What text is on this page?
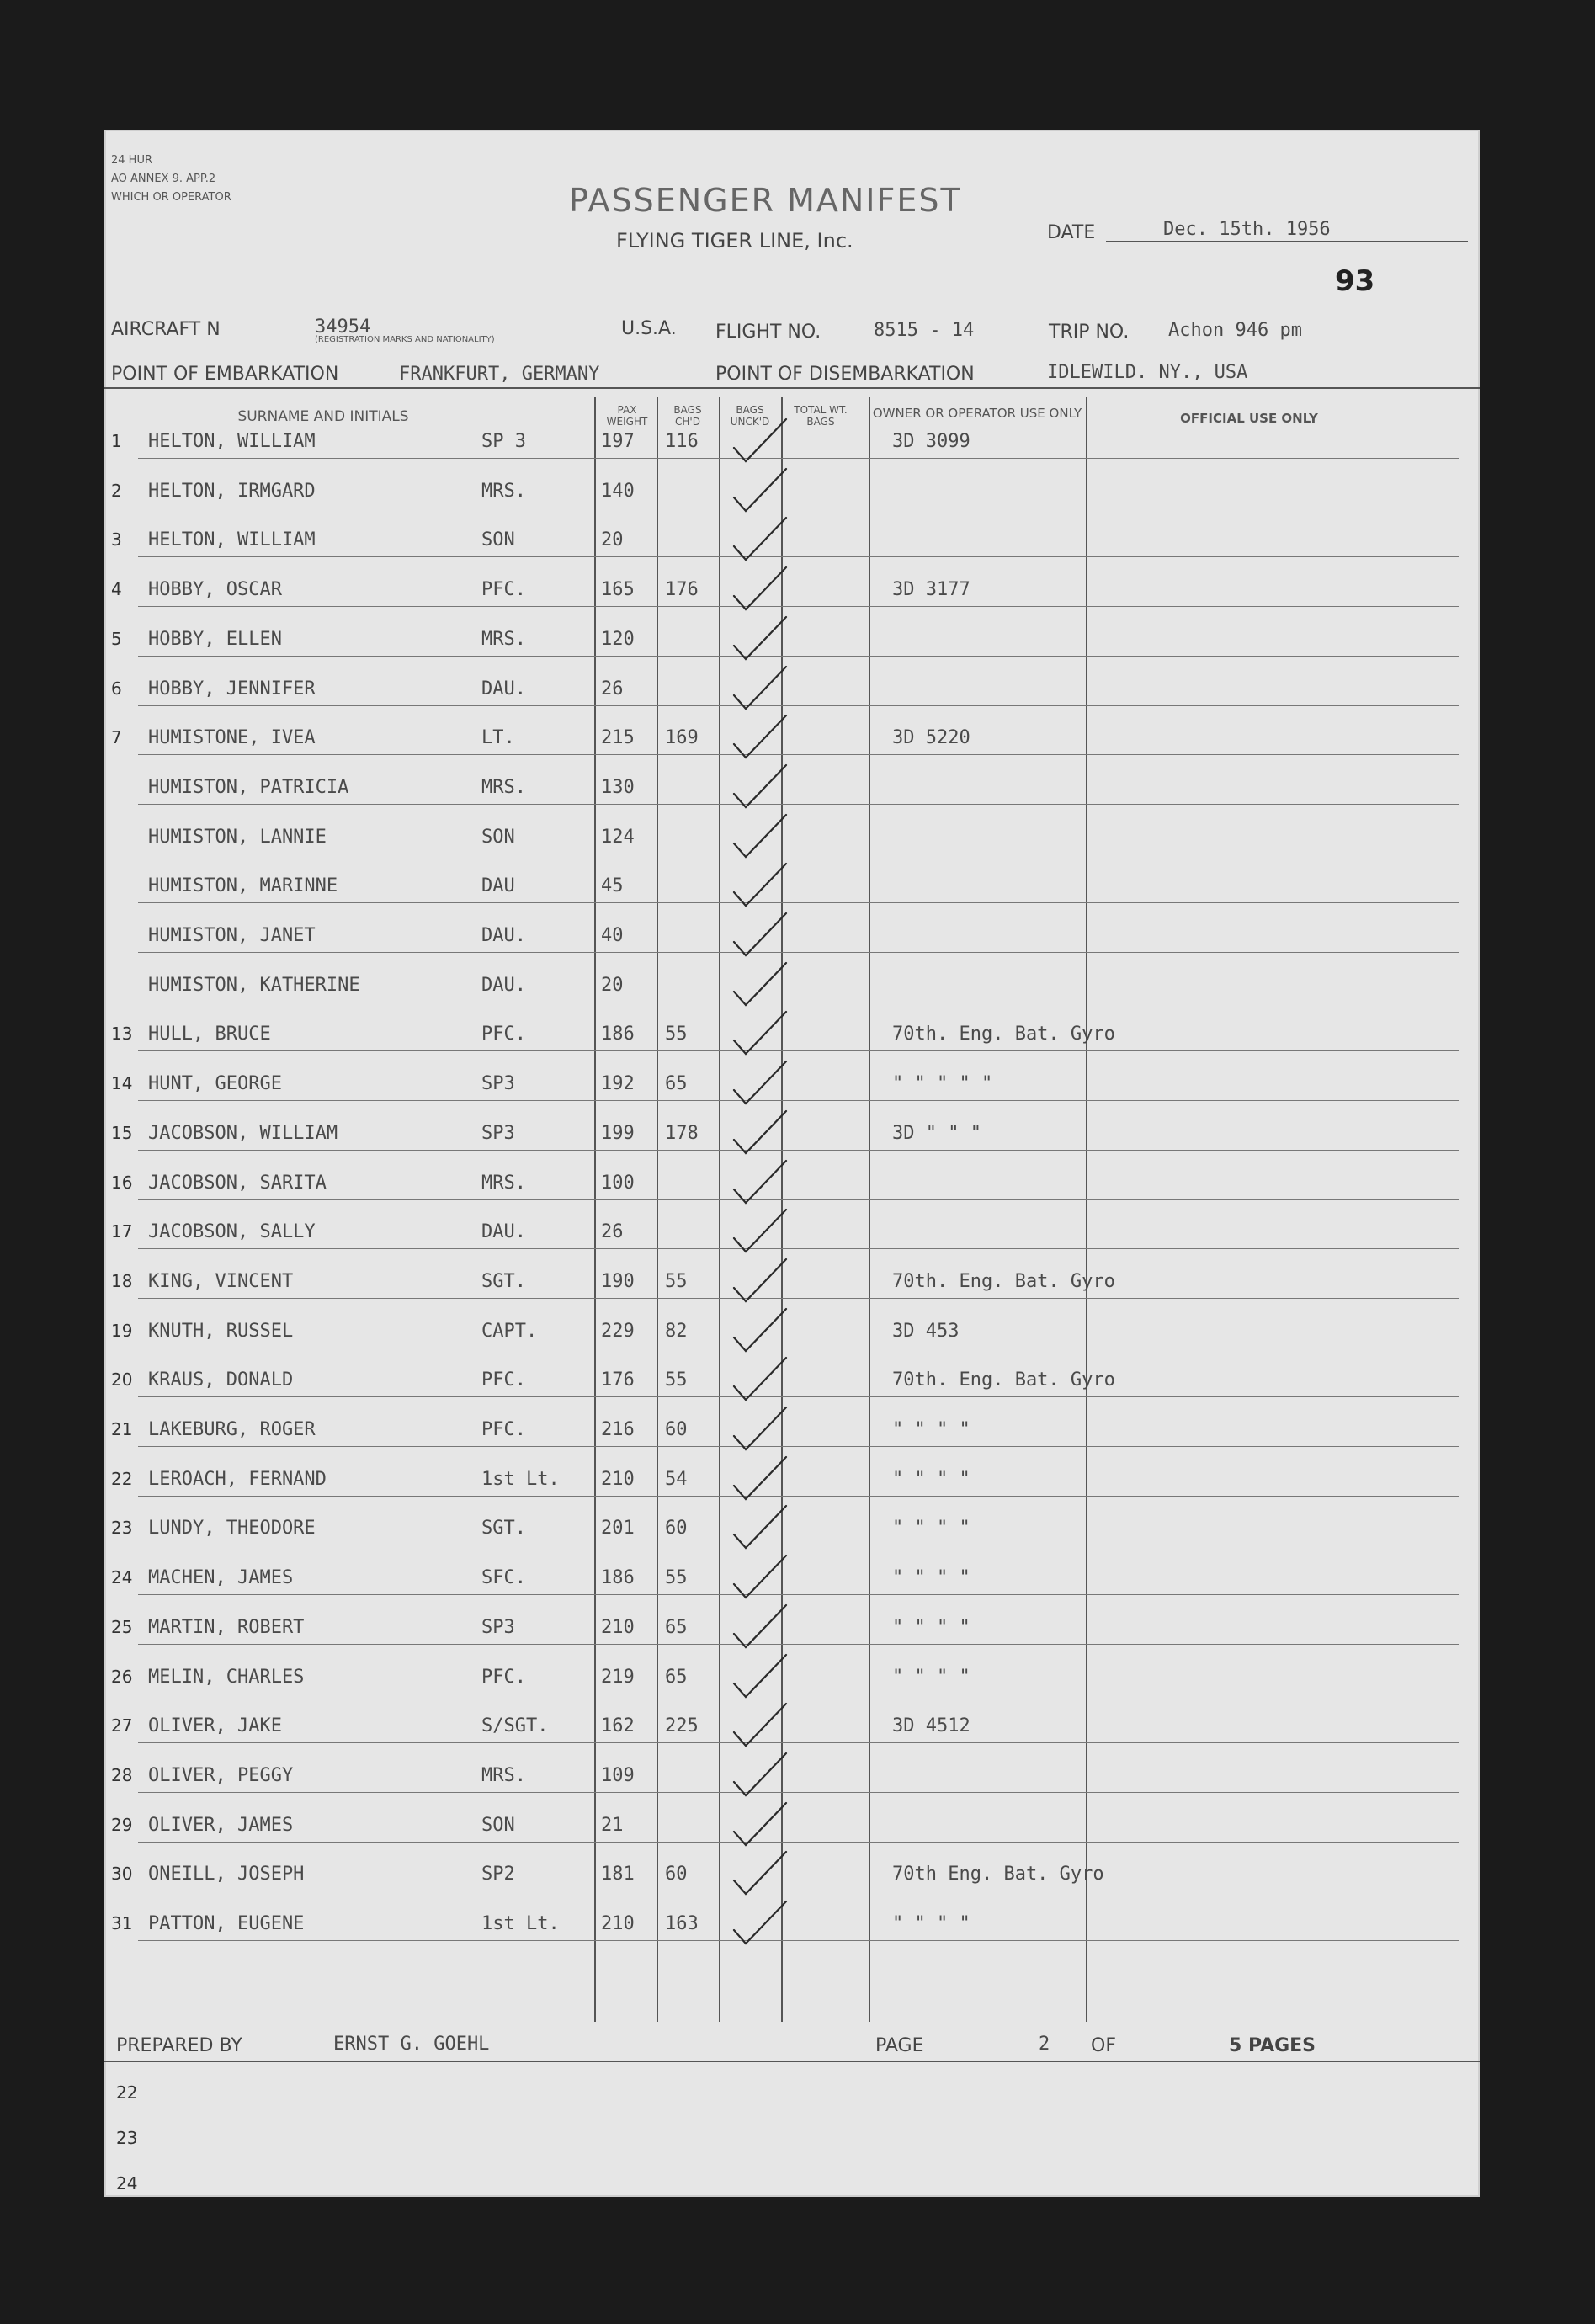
24 HUR
AO ANNEX 9. APP.2
WHICH OR OPERATOR	PASSENGER MANIFEST
FLYING TIGER LINE, Inc.	DATE	Dec. 15th. 1956
93
AIRCRAFT N	34954
(REGISTRATION MARKS AND NATIONALITY)
U.S.A. FLIGHT NO.	8515 - 14	TRIP NO. Achon 946 pm
POINT OF EMBARKATION	FRANKFURT, GERMANY	POINT OF DISEMBARKATION	IDLEWILD. NY., USA
SURNAME AND INITIALS	PAX WEIGHT
BAGS CH'D
BAGS UNCK'D
TOTAL WT. BAGS
OWNER OR OPERATOR USE ONLY	OFFICIAL USE ONLY
1 HELTON, WILLIAM	SP 3	197 116	3D 3099
2 HELTON, IRMGARD	MRS.	140
3 HELTON, WILLIAM	SON	20
4 HOBBY, OSCAR	PFC.	165 176	3D 3177
5 HOBBY, ELLEN	MRS.	120
6 HOBBY, JENNIFER	DAU.	26
7 HUMISTONE, IVEA	LT.	215 169	3D 5220
HUMISTON, PATRICIA	MRS.	130
HUMISTON, LANNIE	SON	124
HUMISTON, MARINNE	DAU	45
HUMISTON, JANET	DAU.	40
HUMISTON, KATHERINE	DAU.	20
13 HULL, BRUCE	PFC.	186 55	70th. Eng. Bat. Gyro
14 HUNT, GEORGE	SP3	192 65	" " " " "
15 JACOBSON, WILLIAM	SP3	199 178	3D " " "
16 JACOBSON, SARITA	MRS.	100
17 JACOBSON, SALLY	DAU.	26
18 KING, VINCENT	SGT.	190 55	70th. Eng. Bat. Gyro
19 KNUTH, RUSSEL	CAPT.	229 82	3D 453
20 KRAUS, DONALD	PFC.	176 55	70th. Eng. Bat. Gyro
21 LAKEBURG, ROGER	PFC.	216 60	" " " "
22 LEROACH, FERNAND	1st Lt. 210 54	" " " "
23 LUNDY, THEODORE	SGT.	201 60	" " " "
24 MACHEN, JAMES	SFC.	186 55	" " " "
25 MARTIN, ROBERT	SP3	210 65	" " " "
26 MELIN, CHARLES	PFC.	219 65	" " " "
27 OLIVER, JAKE	S/SGT.	162 225	3D 4512
28 OLIVER, PEGGY	MRS.	109
29 OLIVER, JAMES	SON	21
30 ONEILL, JOSEPH	SP2	181 60	70th Eng. Bat. Gyro
31 PATTON, EUGENE	1st Lt. 210 163	" " " "
PREPARED BY	ERNST G. GOEHL	PAGE	2 OF	5 PAGES
22
23
24
